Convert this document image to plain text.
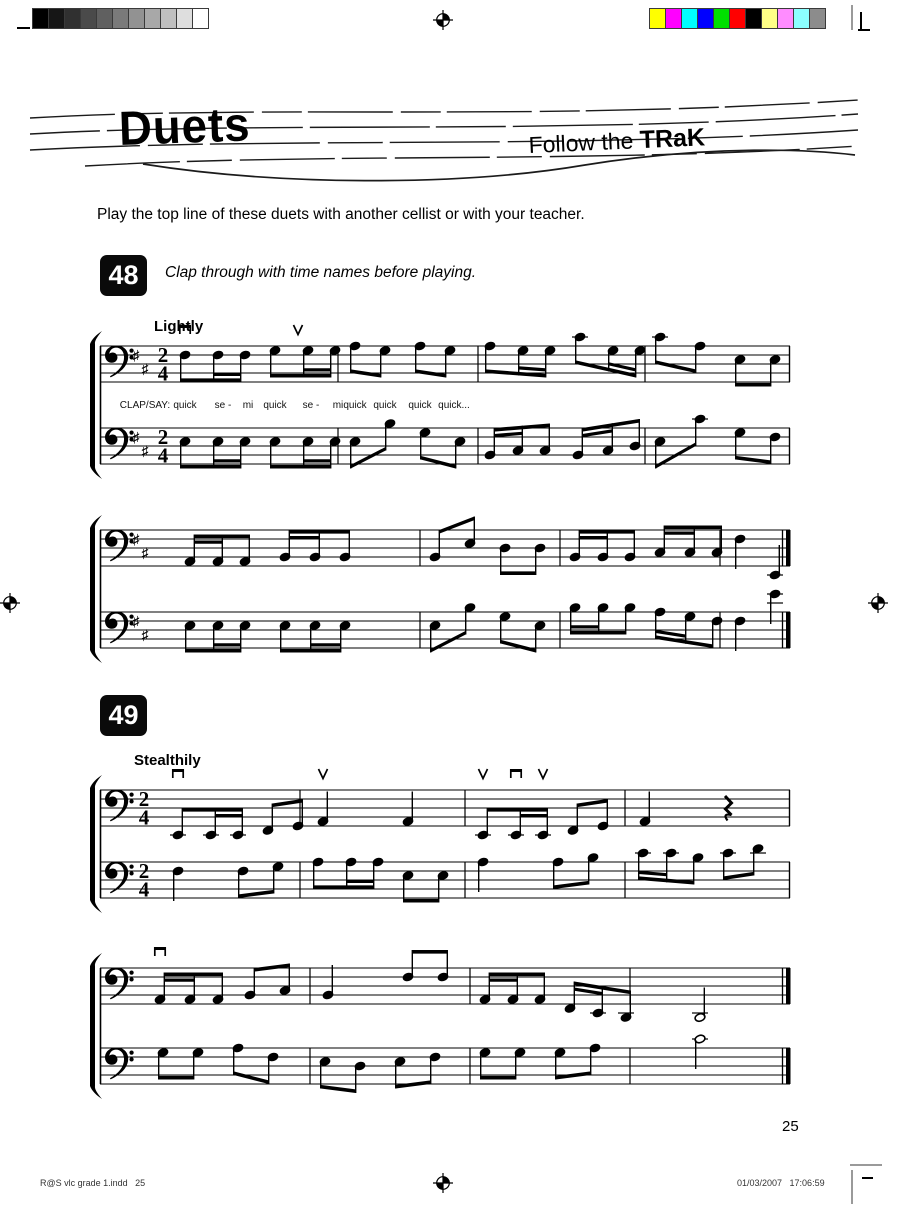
Duets	Follow the TRaK
Play the top line of these duets with another cellist or with your teacher.
48	Clap through with time names before playing.
Lightly
49
Stealthily
25
R@S vlc grade 1.indd   25	01/03/2007   17:06:59
♯
♯
2
4
♯
♯
2
4
CLAP/SAY: quick se - mi quick se - mi quick quick quick quick...
♯
♯
♯
♯
2
4
2
4
